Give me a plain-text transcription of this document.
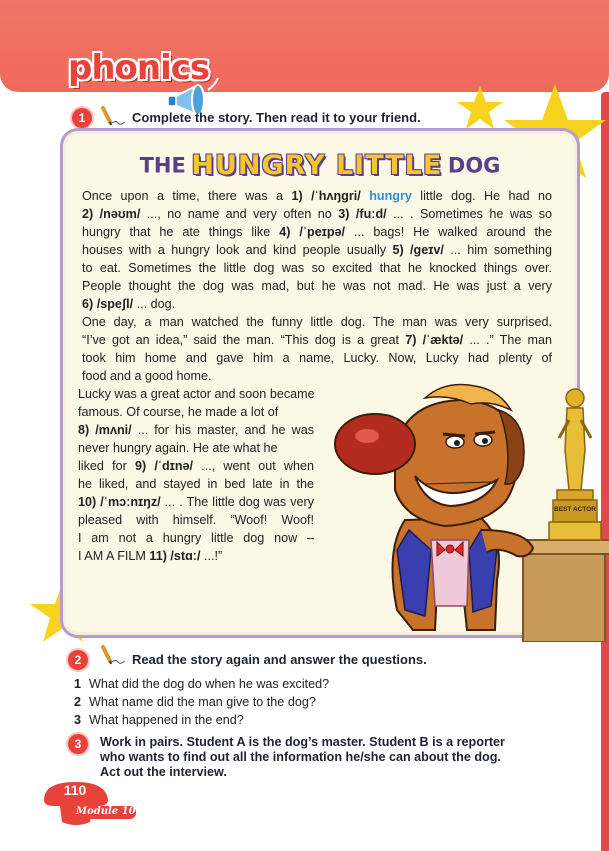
phonics
1	Complete the story. Then read it to your friend.
THE HUNGRY LITTLE DOG
Once upon a time, there was a 1) /ˈhʌŋgri/ hungry little dog. He had no
2) /nəʊm/ ..., no name and very often no 3) /fuːd/ ... . Sometimes he was so
hungry that he ate things like 4) /ˈpeɪpə/ ... bags! He walked around the
houses with a hungry look and kind people usually 5) /geɪv/ ... him something
to eat. Sometimes the little dog was so excited that he knocked things over.
People thought the dog was mad, but he was not mad. He was just a very
6) /speʃl/ ... dog.
One day, a man watched the funny little dog. The man was very surprised.
“I’ve got an idea,” said the man. “This dog is a great 7) /ˈæktə/ ... .” The man
took him home and gave him a name, Lucky. Now, Lucky had plenty of
food and a good home.
Lucky was a great actor and soon became
famous. Of course, he made a lot of
8) /mʌni/ ... for his master, and he was
never hungry again. He ate what he
liked for 9) /ˈdɪnə/ ..., went out when
he liked, and stayed in bed late in the
10) /ˈmɔːnɪŋz/ ... . The little dog was very
pleased with himself. “Woof! Woof!
I am not a hungry little dog now –
I AM A FILM 11) /stɑː/ ...!”
BEST ACTOR
2	Read the story again and answer the questions.
1 What did the dog do when he was excited?
2 What name did the man give to the dog?
3 What happened in the end?
3	Work in pairs. Student A is the dog’s master. Student B is a reporter
who wants to find out all the information he/she can about the dog.
Act out the interview.
110
Module 10
